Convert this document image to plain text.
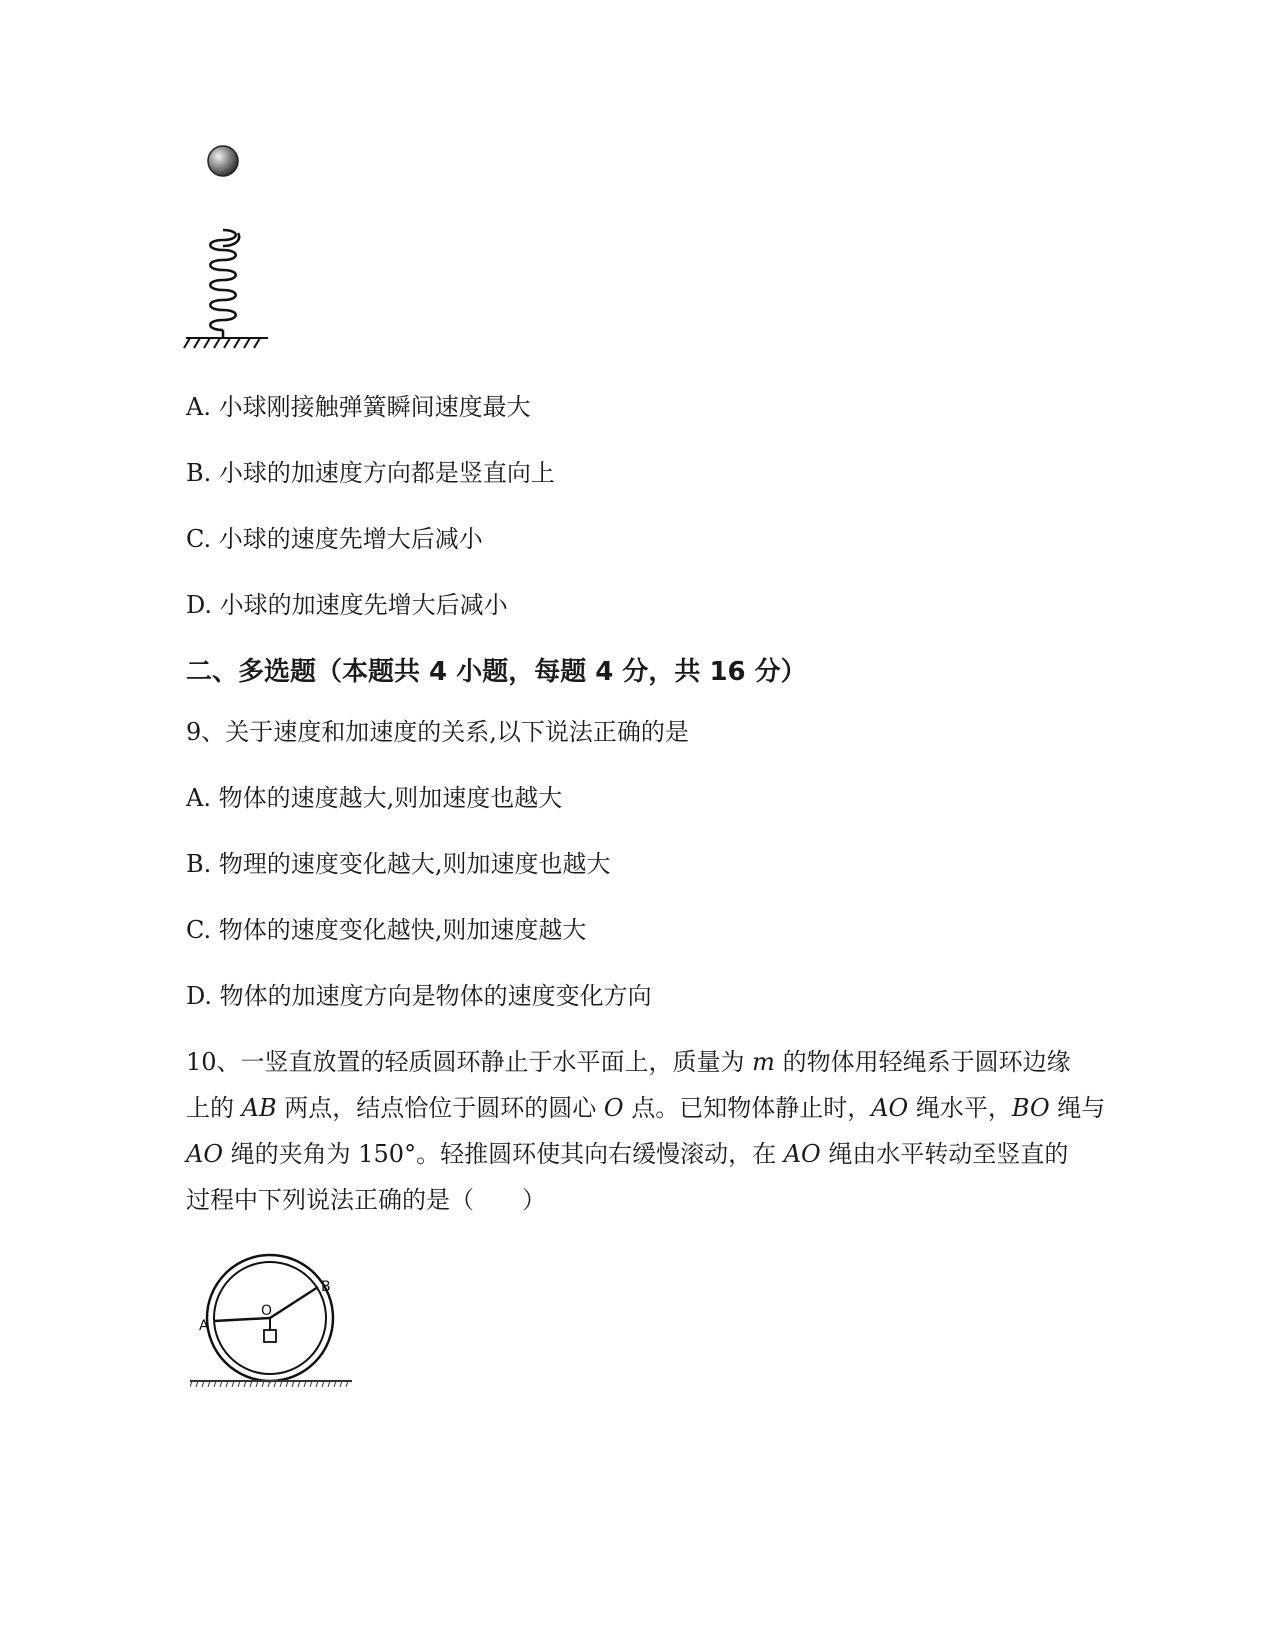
A. 小球刚接触弹簧瞬间速度最大
B. 小球的加速度方向都是竖直向上
C. 小球的速度先增大后减小
D. 小球的加速度先增大后减小
二、多选题（本题共 4 小题，每题 4 分，共 16 分）
9、关于速度和加速度的关系,以下说法正确的是
A. 物体的速度越大,则加速度也越大
B. 物理的速度变化越大,则加速度也越大
C. 物体的速度变化越快,则加速度越大
D. 物体的加速度方向是物体的速度变化方向
10、一竖直放置的轻质圆环静止于水平面上，质量为 m 的物体用轻绳系于圆环边缘
上的 AB 两点，结点恰位于圆环的圆心 O 点。已知物体静止时，AO 绳水平，BO 绳与
AO 绳的夹角为 150°。轻推圆环使其向右缓慢滚动，在 AO 绳由水平转动至竖直的
过程中下列说法正确的是（　　）
A
B
O
